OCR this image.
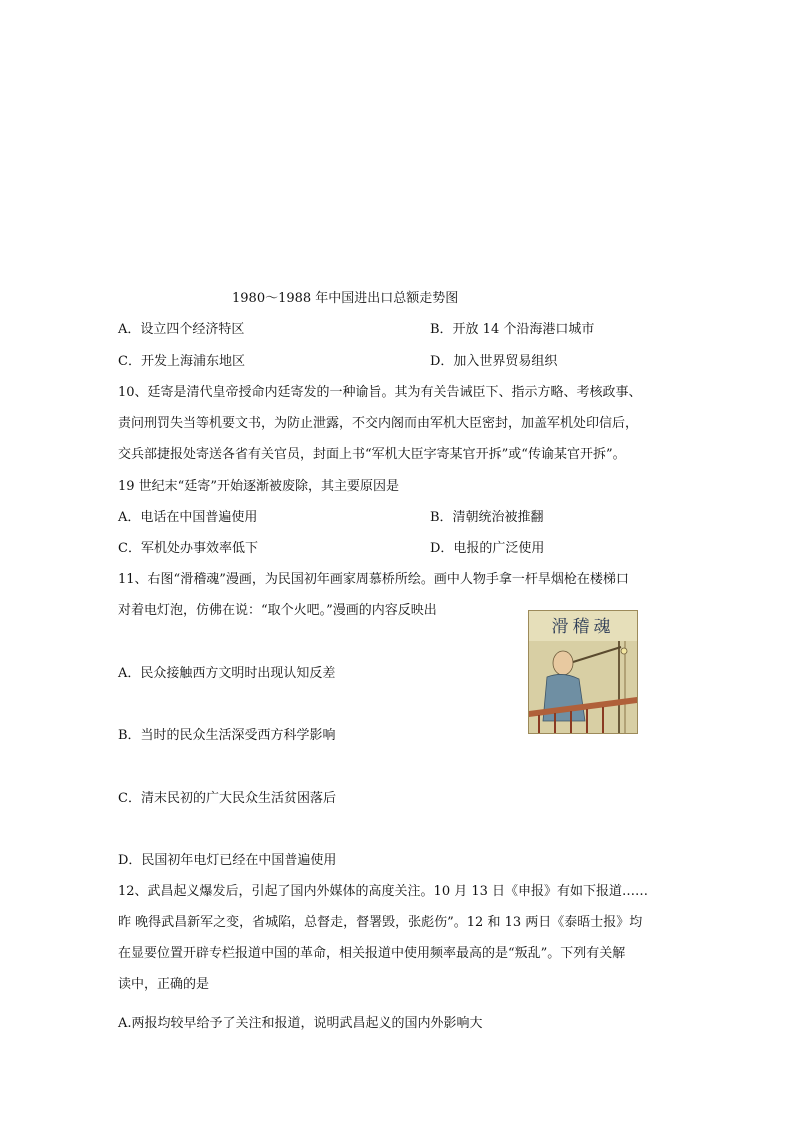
1980～1988 年中国进出口总额走势图
A．设立四个经济特区	B．开放 14 个沿海港口城市
C．开发上海浦东地区	D．加入世界贸易组织
10、廷寄是清代皇帝授命内廷寄发的一种谕旨。其为有关告诫臣下、指示方略、考核政事、
责问刑罚失当等机要文书，为防止泄露，不交内阁而由军机大臣密封，加盖军机处印信后，
交兵部捷报处寄送各省有关官员，封面上书“军机大臣字寄某官开拆”或“传谕某官开拆”。
19 世纪末“廷寄”开始逐渐被废除，其主要原因是
A．电话在中国普遍使用	B．清朝统治被推翻
C．军机处办事效率低下	D．电报的广泛使用
11、右图“滑稽魂”漫画，为民国初年画家周慕桥所绘。画中人物手拿一杆旱烟枪在楼梯口
对着电灯泡，仿佛在说：“取个火吧。”漫画的内容反映出
滑稽魂
A．民众接触西方文明时出现认知反差
B．当时的民众生活深受西方科学影响
C．清末民初的广大民众生活贫困落后
D．民国初年电灯已经在中国普遍使用
12、武昌起义爆发后，引起了国内外媒体的高度关注。10 月 13 日《申报》有如下报道……
昨 晚得武昌新军之变，省城陷，总督走，督署毁，张彪伤”。12 和 13 两日《泰晤士报》均
在显要位置开辟专栏报道中国的革命，相关报道中使用频率最高的是“叛乱”。下列有关解
读中，正确的是
A.两报均较早给予了关注和报道，说明武昌起义的国内外影响大
